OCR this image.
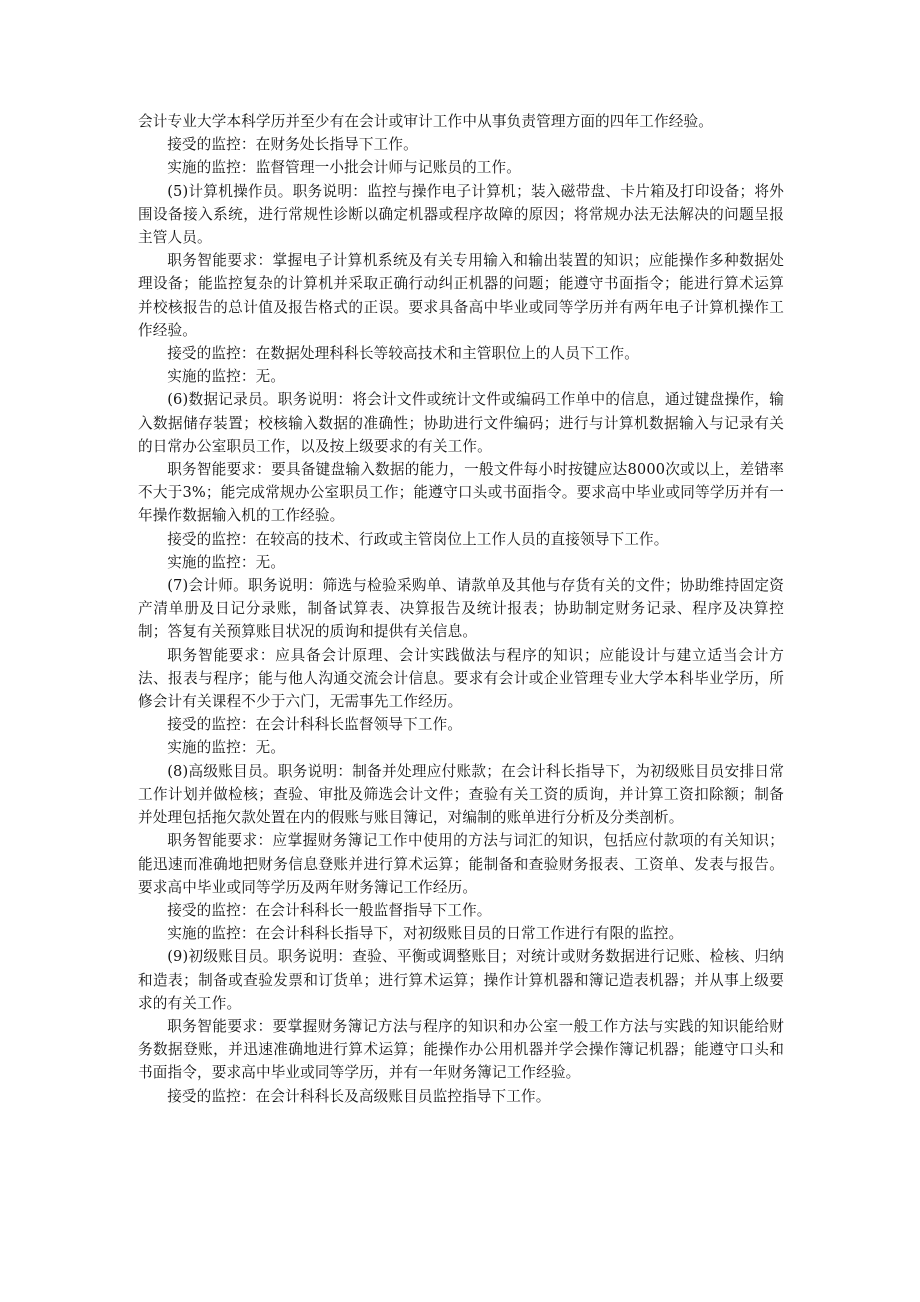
会计专业大学本科学历并至少有在会计或审计工作中从事负责管理方面的四年工作经验。

接受的监控：在财务处长指导下工作。

实施的监控：监督管理一小批会计师与记账员的工作。

(5)计算机操作员。职务说明：监控与操作电子计算机；装入磁带盘、卡片箱及打印设备；将外围设备接入系统，进行常规性诊断以确定机器或程序故障的原因；将常规办法无法解决的问题呈报主管人员。

职务智能要求：掌握电子计算机系统及有关专用输入和输出装置的知识；应能操作多种数据处理设备；能监控复杂的计算机并采取正确行动纠正机器的问题；能遵守书面指令；能进行算术运算并校核报告的总计值及报告格式的正误。要求具备高中毕业或同等学历并有两年电子计算机操作工作经验。

接受的监控：在数据处理科科长等较高技术和主管职位上的人员下工作。

实施的监控：无。

(6)数据记录员。职务说明：将会计文件或统计文件或编码工作单中的信息，通过键盘操作，输入数据储存装置；校核输入数据的准确性；协助进行文件编码；进行与计算机数据输入与记录有关的日常办公室职员工作，以及按上级要求的有关工作。

职务智能要求：要具备键盘输入数据的能力，一般文件每小时按键应达8000次或以上，差错率不大于3%；能完成常规办公室职员工作；能遵守口头或书面指令。要求高中毕业或同等学历并有一年操作数据输入机的工作经验。

接受的监控：在较高的技术、行政或主管岗位上工作人员的直接领导下工作。

实施的监控：无。

(7)会计师。职务说明：筛选与检验采购单、请款单及其他与存货有关的文件；协助维持固定资产清单册及日记分录账，制备试算表、决算报告及统计报表；协助制定财务记录、程序及决算控制；答复有关预算账目状况的质询和提供有关信息。

职务智能要求：应具备会计原理、会计实践做法与程序的知识；应能设计与建立适当会计方法、报表与程序；能与他人沟通交流会计信息。要求有会计或企业管理专业大学本科毕业学历，所修会计有关课程不少于六门，无需事先工作经历。

接受的监控：在会计科科长监督领导下工作。

实施的监控：无。

(8)高级账目员。职务说明：制备并处理应付账款；在会计科长指导下，为初级账目员安排日常工作计划并做检核；查验、审批及筛选会计文件；查验有关工资的质询，并计算工资扣除额；制备并处理包括拖欠款处置在内的假账与账目簿记，对编制的账单进行分析及分类剖析。

职务智能要求：应掌握财务簿记工作中使用的方法与词汇的知识，包括应付款项的有关知识；能迅速而准确地把财务信息登账并进行算术运算；能制备和查验财务报表、工资单、发表与报告。要求高中毕业或同等学历及两年财务簿记工作经历。

接受的监控：在会计科科长一般监督指导下工作。

实施的监控：在会计科科长指导下，对初级账目员的日常工作进行有限的监控。

(9)初级账目员。职务说明：查验、平衡或调整账目；对统计或财务数据进行记账、检核、归纳和造表；制备或查验发票和订货单；进行算术运算；操作计算机器和簿记造表机器；并从事上级要求的有关工作。

职务智能要求：要掌握财务簿记方法与程序的知识和办公室一般工作方法与实践的知识能给财务数据登账，并迅速准确地进行算术运算；能操作办公用机器并学会操作簿记机器；能遵守口头和书面指令，要求高中毕业或同等学历，并有一年财务簿记工作经验。

接受的监控：在会计科科长及高级账目员监控指导下工作。
